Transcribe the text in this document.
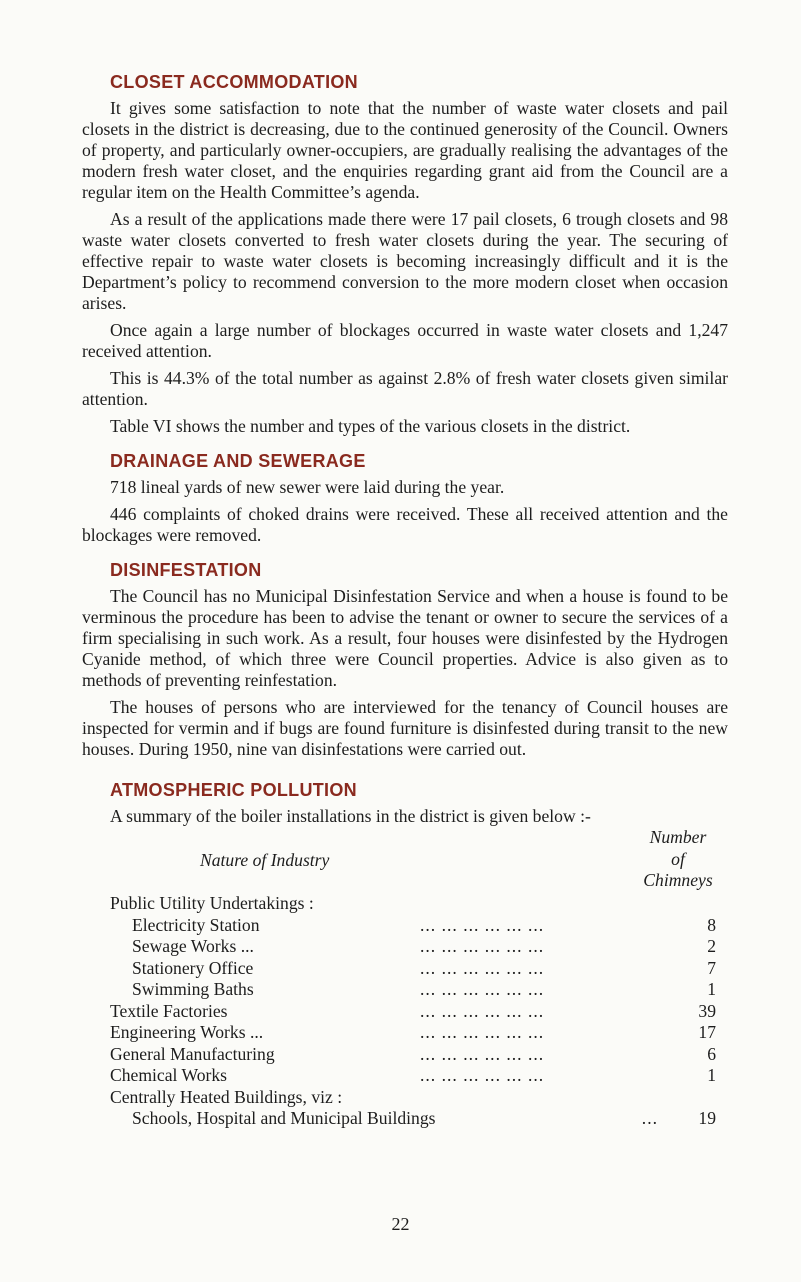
CLOSET ACCOMMODATION

It gives some satisfaction to note that the number of waste water closets and pail closets in the district is decreasing, due to the continued generosity of the Council. Owners of property, and particularly owner-occupiers, are gradually realising the advantages of the modern fresh water closet, and the enquiries regarding grant aid from the Council are a regular item on the Health Committee’s agenda.

As a result of the applications made there were 17 pail closets, 6 trough closets and 98 waste water closets converted to fresh water closets during the year. The securing of effective repair to waste water closets is becoming increasingly difficult and it is the Department’s policy to recommend conversion to the more modern closet when occasion arises.

Once again a large number of blockages occurred in waste water closets and 1,247 received attention.

This is 44.3% of the total number as against 2.8% of fresh water closets given similar attention.

Table VI shows the number and types of the various closets in the district.

DRAINAGE AND SEWERAGE

718 lineal yards of new sewer were laid during the year.

446 complaints of choked drains were received. These all received attention and the blockages were removed.

DISINFESTATION

The Council has no Municipal Disinfestation Service and when a house is found to be verminous the procedure has been to advise the tenant or owner to secure the services of a firm specialising in such work. As a result, four houses were disinfested by the Hydrogen Cyanide method, of which three were Council properties. Advice is also given as to methods of preventing reinfestation.

The houses of persons who are interviewed for the tenancy of Council houses are inspected for vermin and if bugs are found furniture is disinfested during transit to the new houses. During 1950, nine van disinfestations were carried out.

ATMOSPHERIC POLLUTION
A summary of the boiler installations in the district is given below :-
Nature of Industry
Number
of
Chimneys
Public Utility Undertakings :
Electricity Station	... ... ... ... ... ...	8
Sewage Works ...	... ... ... ... ... ...	2
Stationery Office	... ... ... ... ... ...	7
Swimming Baths	... ... ... ... ... ...	1
Textile Factories	... ... ... ... ... ...	39
Engineering Works ...	... ... ... ... ... ...	17
General Manufacturing	... ... ... ... ... ...	6
Chemical Works	... ... ... ... ... ...	1
Centrally Heated Buildings, viz :
Schools, Hospital and Municipal Buildings	...	19
22
